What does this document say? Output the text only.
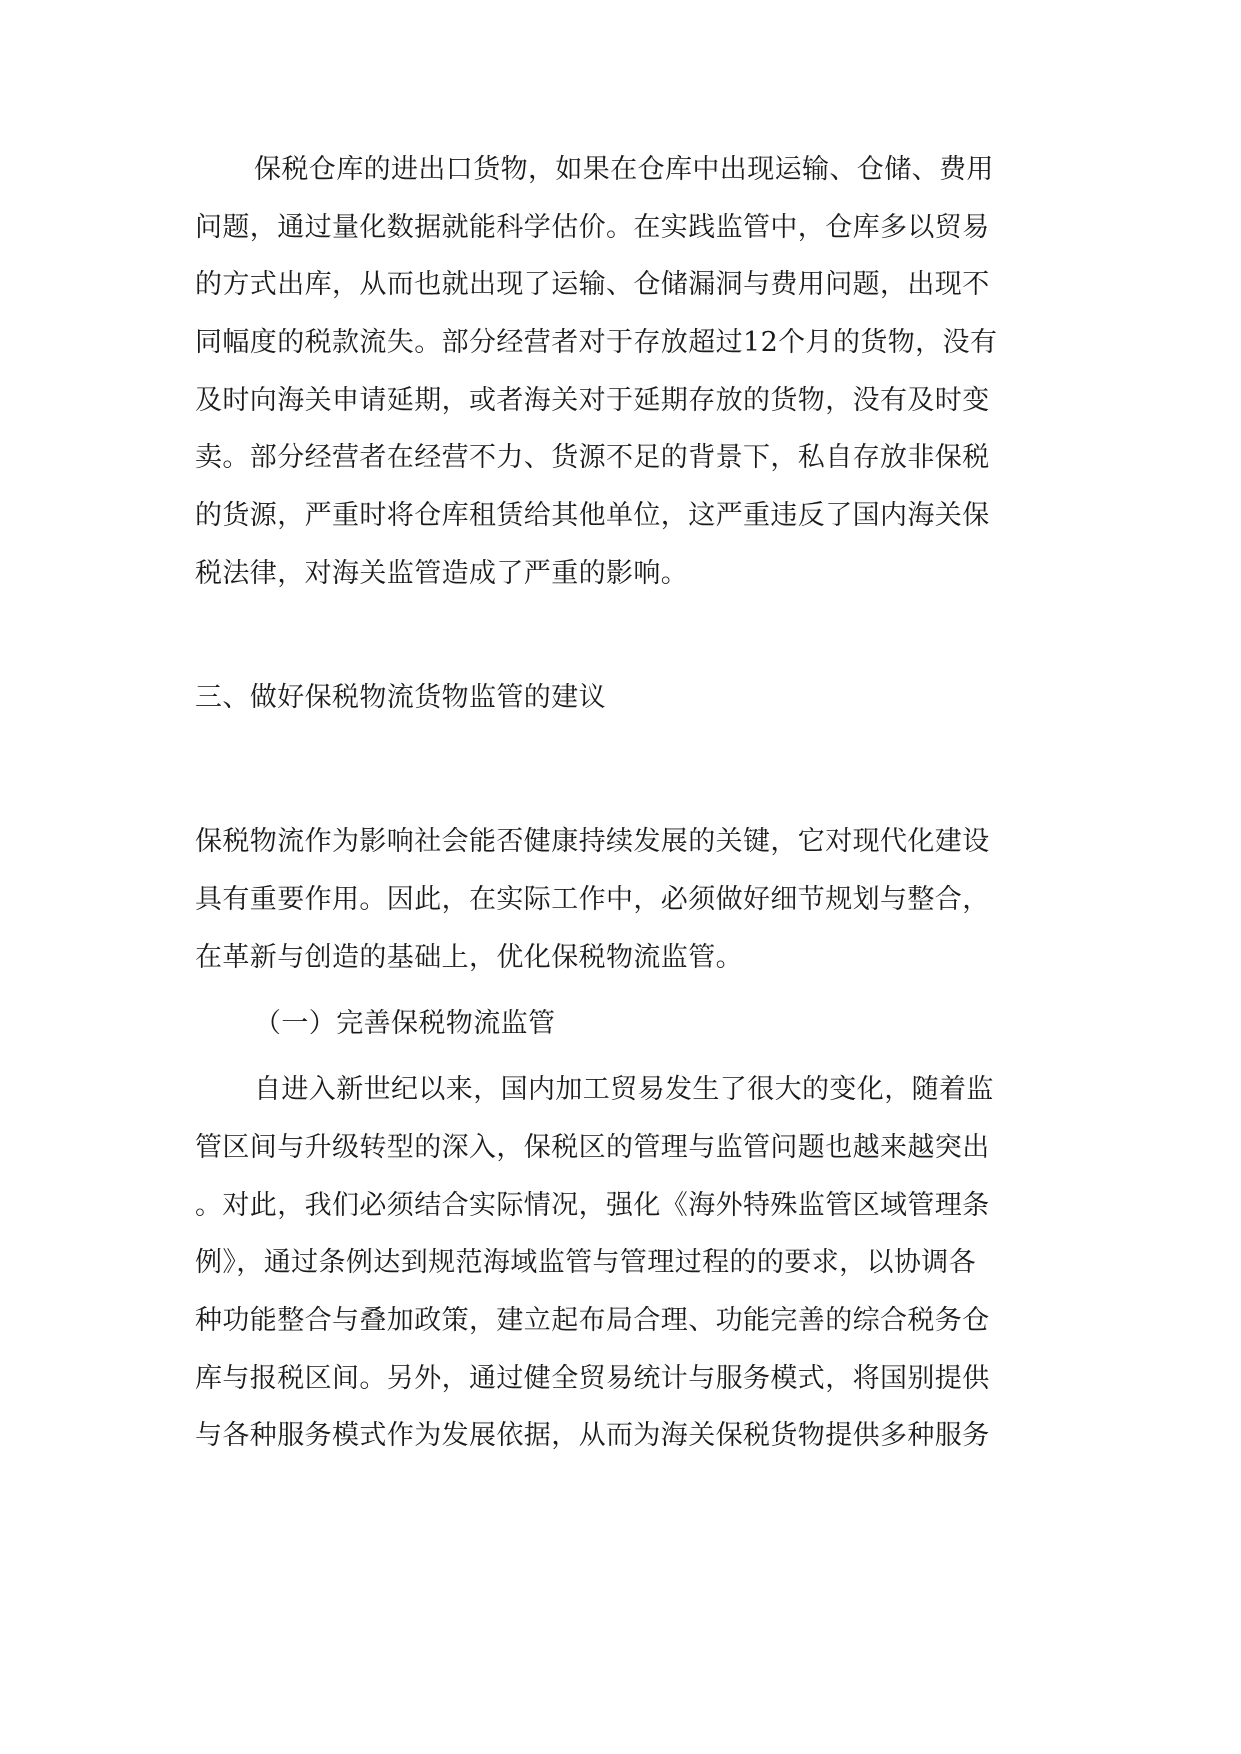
保税仓库的进出口货物，如果在仓库中出现运输、仓储、费用
问题，通过量化数据就能科学估价。在实践监管中，仓库多以贸易
的方式出库，从而也就出现了运输、仓储漏洞与费用问题，出现不
同幅度的税款流失。部分经营者对于存放超过12个月的货物，没有
及时向海关申请延期，或者海关对于延期存放的货物，没有及时变
卖。部分经营者在经营不力、货源不足的背景下，私自存放非保税
的货源，严重时将仓库租赁给其他单位，这严重违反了国内海关保
税法律，对海关监管造成了严重的影响。
三、做好保税物流货物监管的建议
保税物流作为影响社会能否健康持续发展的关键，它对现代化建设
具有重要作用。因此，在实际工作中，必须做好细节规划与整合，
在革新与创造的基础上，优化保税物流监管。
（一）完善保税物流监管
自进入新世纪以来，国内加工贸易发生了很大的变化，随着监
管区间与升级转型的深入，保税区的管理与监管问题也越来越突出
。对此，我们必须结合实际情况，强化《海外特殊监管区域管理条
例》，通过条例达到规范海域监管与管理过程的的要求，以协调各
种功能整合与叠加政策，建立起布局合理、功能完善的综合税务仓
库与报税区间。另外，通过健全贸易统计与服务模式，将国别提供
与各种服务模式作为发展依据，从而为海关保税货物提供多种服务
